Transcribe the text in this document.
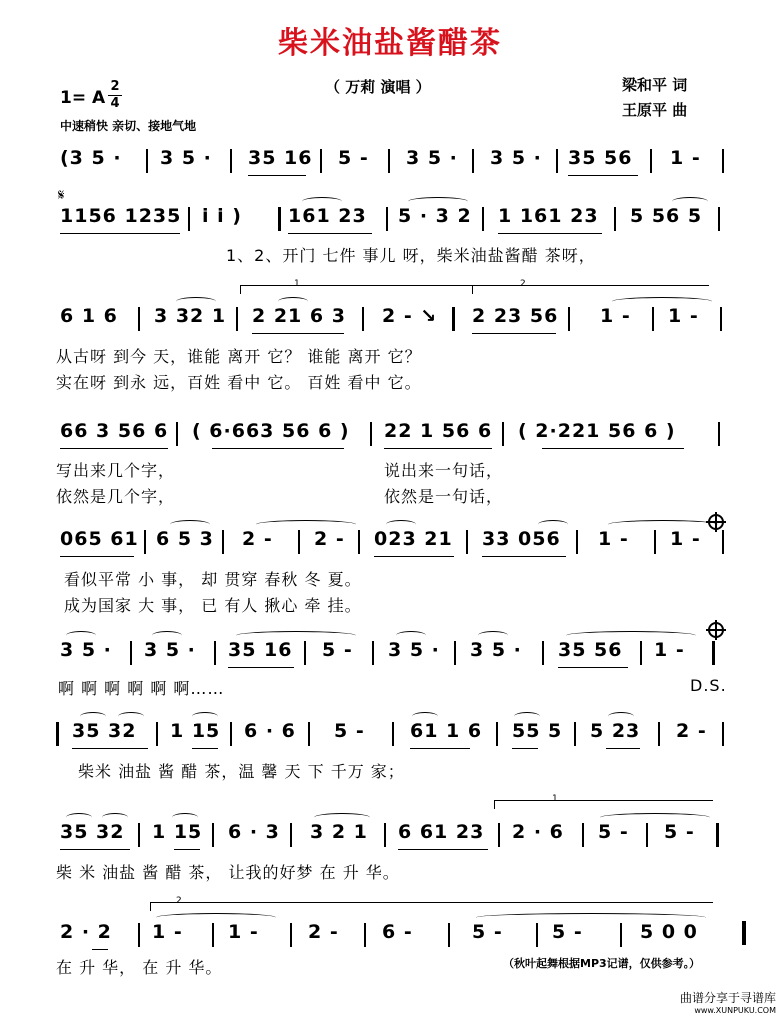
柴米油盐酱醋茶
（ 万莉 演唱 ）	梁和平 词
王原平 曲
1= A
2
4
中速稍快 亲切、接地气地
(3 5 · 3 5 · 35 16 5 - 3 5 · 3 5 · 35 56 1 -
𝄋
1156 1235 i i ) 161 23 5 · 3 2 1 161 23 5 56 5
1、2、开门 七件 事儿 呀，柴米油盐酱醋 茶呀，
1	2
6 1 6 3 32 1 2 21 6 3 2 - ↘ 2 23 56 1 - 1 -
从古呀 到今 天，谁能 离开 它？ 谁能 离开 它？
实在呀 到永 远，百姓 看中 它。 百姓 看中 它。
66 3 56 6 ( 6·663 56 6 ) 22 1 56 6 ( 2·221 56 6 )
写出来几个字，	说出来一句话，
依然是几个字，	依然是一句话，
065 61 6 5 3 2 - 2 - 023 21 33 056 1 - 1 -
看似平常 小 事， 却 贯穿 春秋 冬 夏。
成为国家 大 事， 已 有人 揪心 牵 挂。
3 5 · 3 5 · 35 16 5 - 3 5 · 3 5 · 35 56 1 -
啊 啊 啊 啊 啊 啊……	D.S.
35 32 1 15 6 · 6 5 - 61 1 6 55 5 5 23 2 -
柴米 油盐 酱 醋 茶，温 馨 天 下 千万 家；
1
35 32 1 15 6 · 3 3 2 1 6 61 23 2 · 6 5 - 5 -
柴 米 油盐 酱 醋 茶， 让我的好梦 在 升 华。
2
2 · 2 1 - 1 -	2 - 6 -	5 -	5 -	5 0 0
在 升 华， 在 升 华。	（秋叶起舞根据MP3记谱，仅供参考。）
曲谱分享于寻谱库
www.XUNPUKU.COM
